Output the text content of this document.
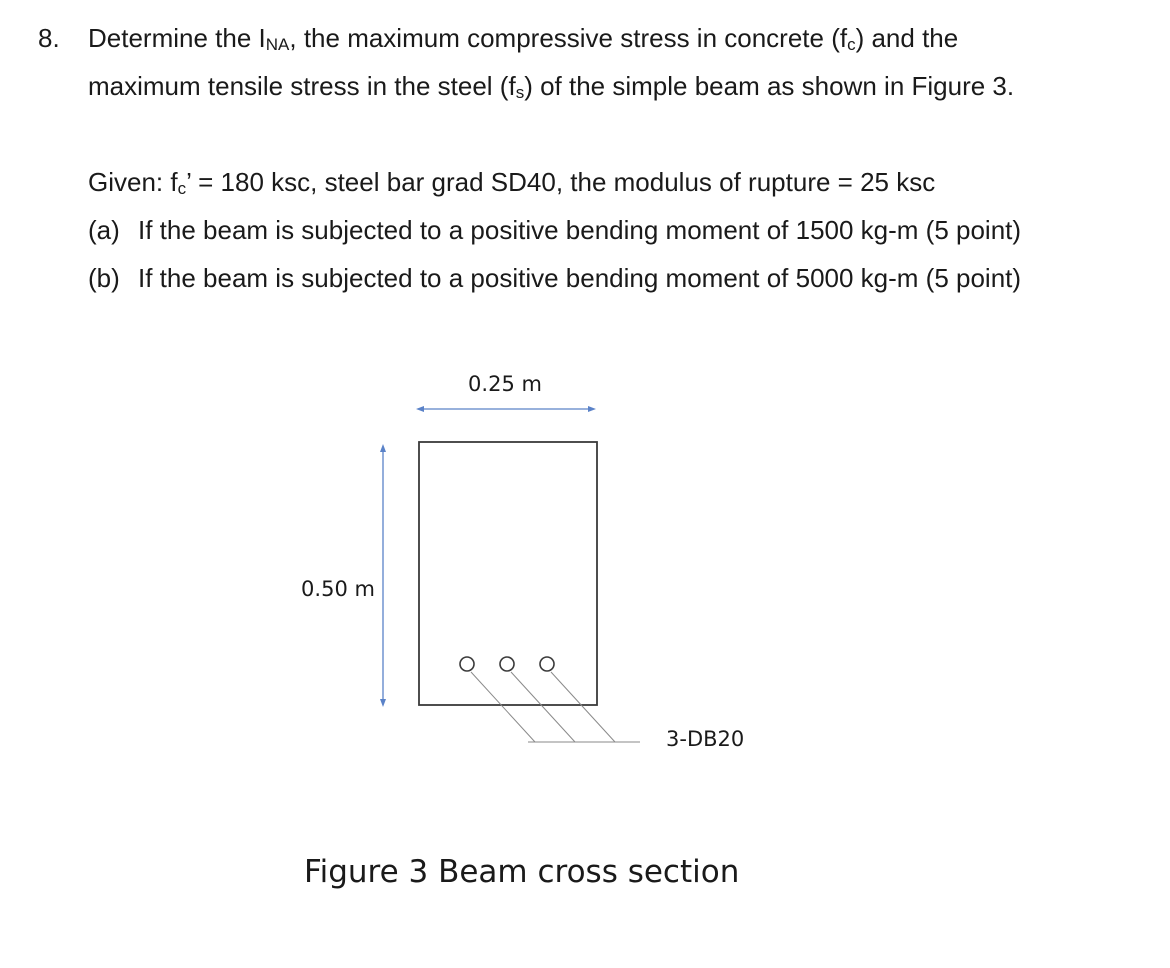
8. Determine the $I_{NA}$, the maximum compressive stress in concrete $(f_c)$ and the
maximum tensile stress in the steel $(f_s)$ of the simple beam as shown in Figure 3.
Given: $f_c$’ = 180 ksc, steel bar grad SD40, the modulus of rupture = 25 ksc
(a) If the beam is subjected to a positive bending moment of 1500 kg-m (5 point)
(b) If the beam is subjected to a positive bending moment of 5000 kg-m (5 point)
0.25 m
0.50 m
3-DB20
Figure 3 Beam cross section
